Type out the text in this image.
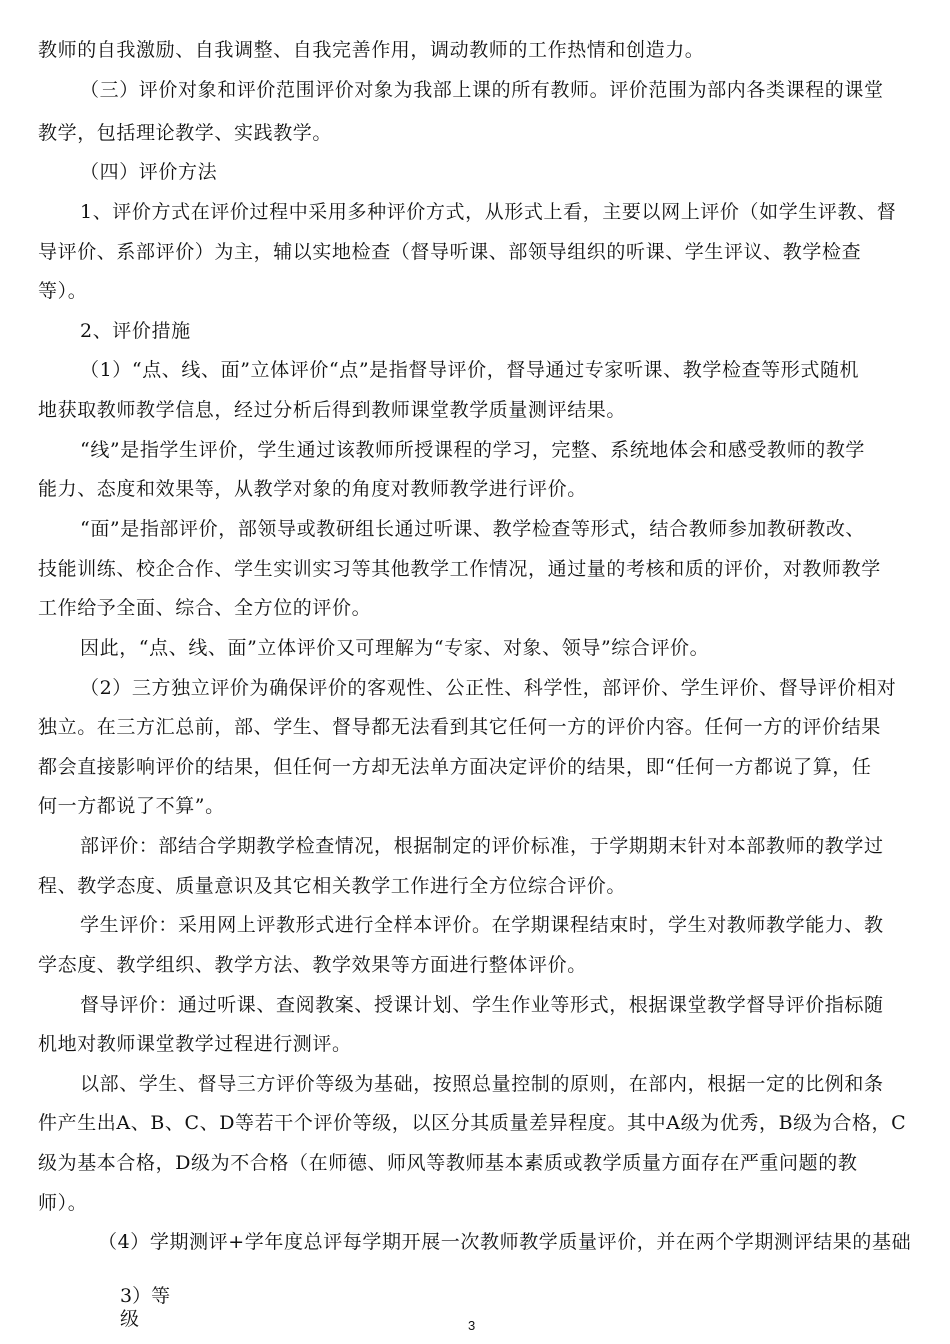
教师的自我激励、自我调整、自我完善作用，调动教师的工作热情和创造力。
（三）评价对象和评价范围评价对象为我部上课的所有教师。评价范围为部内各类课程的课堂
教学，包括理论教学、实践教学。
（四）评价方法
1、评价方式在评价过程中采用多种评价方式，从形式上看，主要以网上评价（如学生评教、督
导评价、系部评价）为主，辅以实地检查（督导听课、部领导组织的听课、学生评议、教学检查
等）。
2、评价措施
（1）“点、线、面”立体评价“点”是指督导评价，督导通过专家听课、教学检查等形式随机
地获取教师教学信息，经过分析后得到教师课堂教学质量测评结果。
“线”是指学生评价，学生通过该教师所授课程的学习，完整、系统地体会和感受教师的教学
能力、态度和效果等，从教学对象的角度对教师教学进行评价。
“面”是指部评价，部领导或教研组长通过听课、教学检查等形式，结合教师参加教研教改、
技能训练、校企合作、学生实训实习等其他教学工作情况，通过量的考核和质的评价，对教师教学
工作给予全面、综合、全方位的评价。
因此，“点、线、面”立体评价又可理解为“专家、对象、领导”综合评价。
（2）三方独立评价为确保评价的客观性、公正性、科学性，部评价、学生评价、督导评价相对
独立。在三方汇总前，部、学生、督导都无法看到其它任何一方的评价内容。任何一方的评价结果
都会直接影响评价的结果，但任何一方却无法单方面决定评价的结果，即“任何一方都说了算，任
何一方都说了不算”。
部评价：部结合学期教学检查情况，根据制定的评价标准，于学期期末针对本部教师的教学过
程、教学态度、质量意识及其它相关教学工作进行全方位综合评价。
学生评价：采用网上评教形式进行全样本评价。在学期课程结束时，学生对教师教学能力、教
学态度、教学组织、教学方法、教学效果等方面进行整体评价。
督导评价：通过听课、查阅教案、授课计划、学生作业等形式，根据课堂教学督导评价指标随
机地对教师课堂教学过程进行测评。
以部、学生、督导三方评价等级为基础，按照总量控制的原则，在部内，根据一定的比例和条
件产生出A、B、C、D等若干个评价等级，以区分其质量差异程度。其中A级为优秀，B级为合格，C
级为基本合格，D级为不合格（在师德、师风等教师基本素质或教学质量方面存在严重问题的教
师）。
（4）学期测评+学年度总评每学期开展一次教师教学质量评价，并在两个学期测评结果的基础
3）等
级	3
